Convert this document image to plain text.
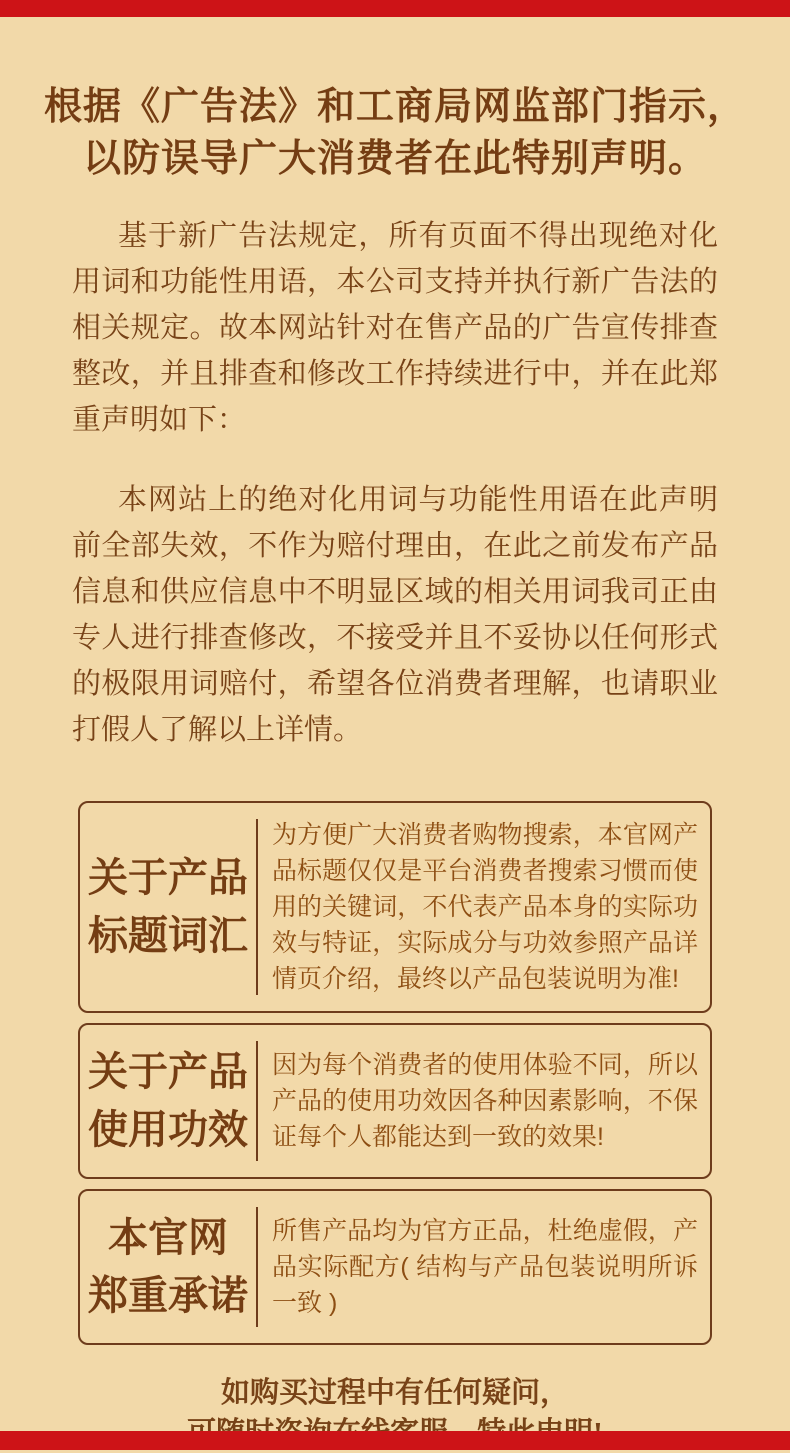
根据《广告法》和工商局网监部门指示，
以防误导广大消费者在此特别声明。

基于新广告法规定，所有页面不得出现绝对化用词和功能性用语，本公司支持并执行新广告法的相关规定。故本网站针对在售产品的广告宣传排查整改，并且排查和修改工作持续进行中，并在此郑重声明如下：

本网站上的绝对化用词与功能性用语在此声明前全部失效，不作为赔付理由，在此之前发布产品信息和供应信息中不明显区域的相关用词我司正由专人进行排查修改，不接受并且不妥协以任何形式的极限用词赔付，希望各位消费者理解，也请职业打假人了解以上详情。

关于产品
标题词汇
为方便广大消费者购物搜索，本官网产品标题仅仅是平台消费者搜索习惯而使用的关键词，不代表产品本身的实际功效与特证，实际成分与功效参照产品详情页介绍，最终以产品包装说明为准!
关于产品
使用功效
因为每个消费者的使用体验不同，所以产品的使用功效因各种因素影响，不保证每个人都能达到一致的效果!
本官网
郑重承诺
所售产品均为官方正品，杜绝虚假，产品实际配方( 结构与产品包装说明所诉一致 )
如购买过程中有任何疑问，
